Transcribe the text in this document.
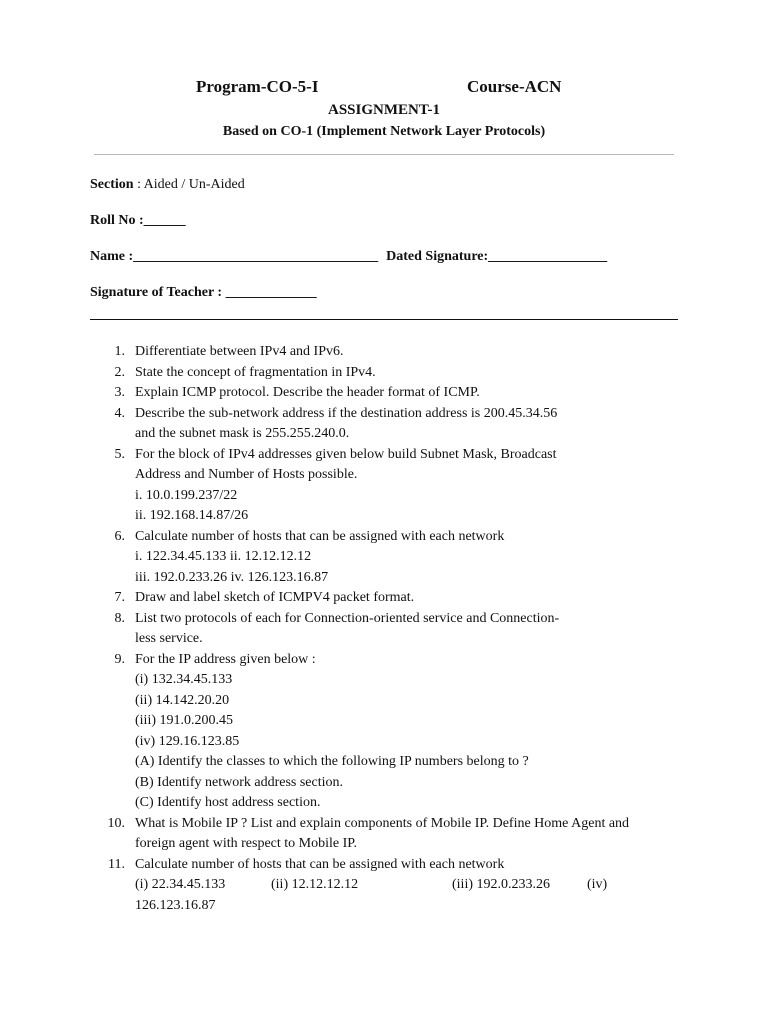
Program-CO-5-I	Course-ACN
ASSIGNMENT-1
Based on CO-1 (Implement Network Layer Protocols)
Section : Aided / Un-Aided
Roll No :______
Name :___________________________________ Dated Signature:_________________
Signature of Teacher : _____________
1. Differentiate between IPv4 and IPv6.
2. State the concept of fragmentation in IPv4.
3. Explain ICMP protocol. Describe the header format of ICMP.
4. Describe the sub-network address if the destination address is 200.45.34.56
and the subnet mask is 255.255.240.0.
5. For the block of IPv4 addresses given below build Subnet Mask, Broadcast
Address and Number of Hosts possible.
i. 10.0.199.237/22
ii. 192.168.14.87/26
6. Calculate number of hosts that can be assigned with each network
i. 122.34.45.133 ii. 12.12.12.12
iii. 192.0.233.26 iv. 126.123.16.87
7. Draw and label sketch of ICMPV4 packet format.
8. List two protocols of each for Connection-oriented service and Connection-
less service.
9. For the IP address given below :
(i) 132.34.45.133
(ii) 14.142.20.20
(iii) 191.0.200.45
(iv) 129.16.123.85
(A) Identify the classes to which the following IP numbers belong to ?
(B) Identify network address section.
(C) Identify host address section.
10. What is Mobile IP ? List and explain components of Mobile IP. Define Home Agent and
foreign agent with respect to Mobile IP.
11. Calculate number of hosts that can be assigned with each network
(i) 22.34.45.133	(ii) 12.12.12.12	(iii) 192.0.233.26	(iv)
126.123.16.87
